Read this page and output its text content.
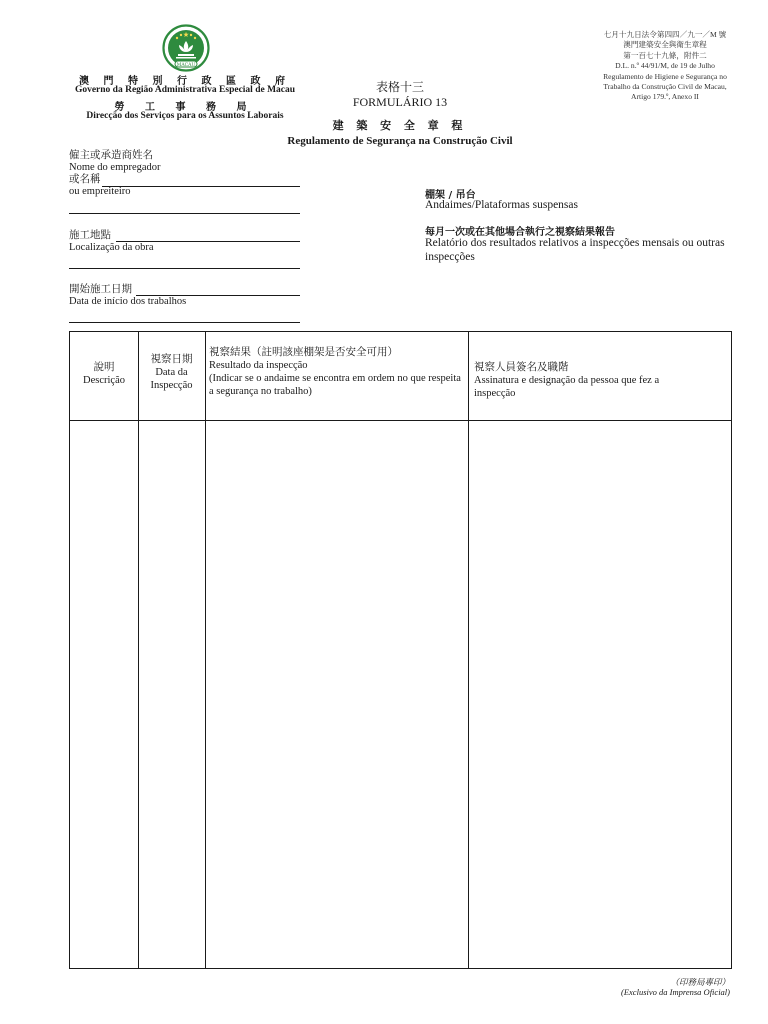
MACAU
澳 門 特 別 行 政 區 政 府
Governo da Região Administrativa Especial de Macau
勞 工 事 務 局
Direcção dos Serviços para os Assuntos Laborais
表格十三
FORMULÁRIO 13
建 築 安 全 章 程
Regulamento de Segurança na Construção Civil
七月十九日法令第四四／九一／M 號
澳門建築安全與衛生章程
第一百七十九條，附件二
D.L. n.º 44/91/M, de 19 de Julho
Regulamento de Higiene e Segurança no
Trabalho da Construção Civil de Macau,
Artigo 179.º, Anexo II
僱主或承造商姓名
Nome do empregador
或名稱
ou empreiteiro
施工地點
Localização da obra
開始施工日期
Data de início dos trabalhos
棚架 / 吊台
Andaimes/Plataformas suspensas
每月一次或在其他場合執行之視察結果報告
Relatório dos resultados relativos a inspecções mensais ou outras inspecções
說明
Descrição
視察日期
Data da
Inspecção
視察結果（註明該座棚架是否安全可用）
Resultado da inspecção
(Indicar se o andaime se encontra em ordem no que respeita a segurança no trabalho)
視察人員簽名及職階
Assinatura e designação da pessoa que fez a inspecção
（印務局專印）
(Exclusivo da Imprensa Oficial)
